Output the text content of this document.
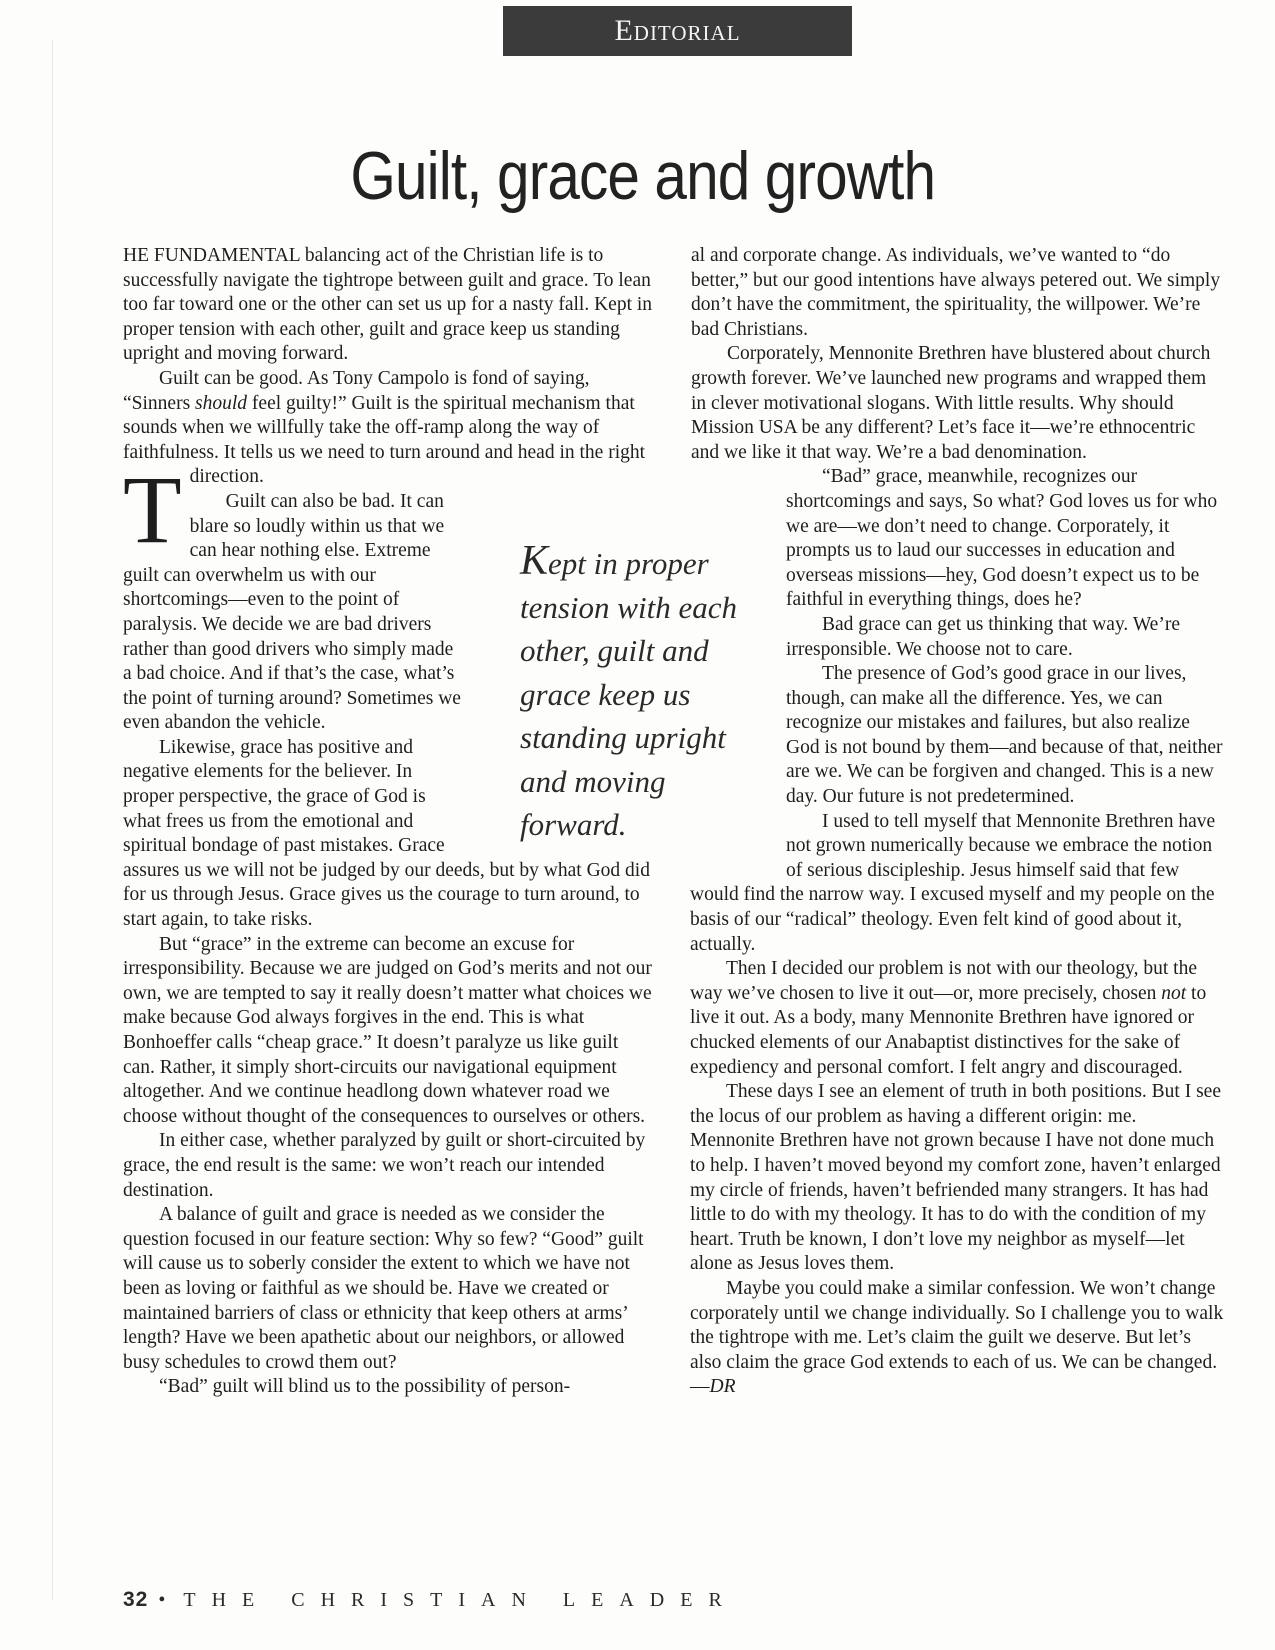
Editorial
Guilt, grace and growth
Kept in proper tension with each other, guilt and grace keep us standing upright and moving forward.

T
HE FUNDAMENTAL balancing act of the Christian life is to successfully navigate the tightrope between guilt and grace. To lean too far toward one or the other can set us up for a nasty fall. Kept in proper tension with each other, guilt and grace keep us standing upright and moving forward.

Guilt can be good. As Tony Campolo is fond of saying, “Sinners should feel guilty!” Guilt is the spiritual mechanism that sounds when we willfully take the off-ramp along the way of faithfulness. It tells us we need to turn around and head in the right direction.

Guilt can also be bad. It can blare so loudly within us that we can hear nothing else. Extreme guilt can overwhelm us with our shortcomings—even to the point of paralysis. We decide we are bad drivers rather than good drivers who simply made a bad choice. And if that’s the case, what’s the point of turning around? Sometimes we even abandon the vehicle.

Likewise, grace has positive and negative elements for the believer. In proper perspective, the grace of God is what frees us from the emotional and spiritual bondage of past mistakes. Grace assures us we will not be judged by our deeds, but by what God did for us through Jesus. Grace gives us the courage to turn around, to start again, to take risks.

But “grace” in the extreme can become an excuse for irresponsibility. Because we are judged on God’s merits and not our own, we are tempted to say it really doesn’t matter what choices we make because God always forgives in the end. This is what Bonhoeffer calls “cheap grace.” It doesn’t paralyze us like guilt can. Rather, it simply short-circuits our navigational equipment altogether. And we continue headlong down whatever road we choose without thought of the consequences to ourselves or others.

In either case, whether paralyzed by guilt or short-circuited by grace, the end result is the same: we won’t reach our intended destination.

A balance of guilt and grace is needed as we consider the question focused in our feature section: Why so few? “Good” guilt will cause us to soberly consider the extent to which we have not been as loving or faithful as we should be. Have we created or maintained barriers of class or ethnicity that keep others at arms’ length? Have we been apathetic about our neighbors, or allowed busy schedules to crowd them out?

“Bad” guilt will blind us to the possibility of person-

al and corporate change. As individuals, we’ve wanted to “do better,” but our good intentions have always petered out. We simply don’t have the commitment, the spirituality, the willpower. We’re bad Christians.

Corporately, Mennonite Brethren have blustered about church growth forever. We’ve launched new programs and wrapped them in clever motivational slogans. With little results. Why should Mission USA be any different? Let’s face it—we’re ethnocentric and we like it that way. We’re a bad denomination.

“Bad” grace, meanwhile, recognizes our shortcomings and says, So what? God loves us for who we are—we don’t need to change. Corporately, it prompts us to laud our successes in education and overseas missions—hey, God doesn’t expect us to be faithful in everything things, does he?

Bad grace can get us thinking that way. We’re irresponsible. We choose not to care.

The presence of God’s good grace in our lives, though, can make all the difference. Yes, we can recognize our mistakes and failures, but also realize God is not bound by them—and because of that, neither are we. We can be forgiven and changed. This is a new day. Our future is not predetermined.

I used to tell myself that Mennonite Brethren have not grown numerically because we embrace the notion of serious discipleship. Jesus himself said that few would find the narrow way. I excused myself and my people on the basis of our “radical” theology. Even felt kind of good about it, actually.

Then I decided our problem is not with our theology, but the way we’ve chosen to live it out—or, more precisely, chosen not to live it out. As a body, many Mennonite Brethren have ignored or chucked elements of our Anabaptist distinctives for the sake of expediency and personal comfort. I felt angry and discouraged.

These days I see an element of truth in both positions. But I see the locus of our problem as having a different origin: me. Mennonite Brethren have not grown because I have not done much to help. I haven’t moved beyond my comfort zone, haven’t enlarged my circle of friends, haven’t befriended many strangers. It has had little to do with my theology. It has to do with the condition of my heart. Truth be known, I don’t love my neighbor as myself—let alone as Jesus loves them.

Maybe you could make a similar confession. We won’t change corporately until we change individually. So I challenge you to walk the tightrope with me. Let’s claim the guilt we deserve. But let’s also claim the grace God extends to each of us. We can be changed.—DR

32 • THE CHRISTIAN LEADER
